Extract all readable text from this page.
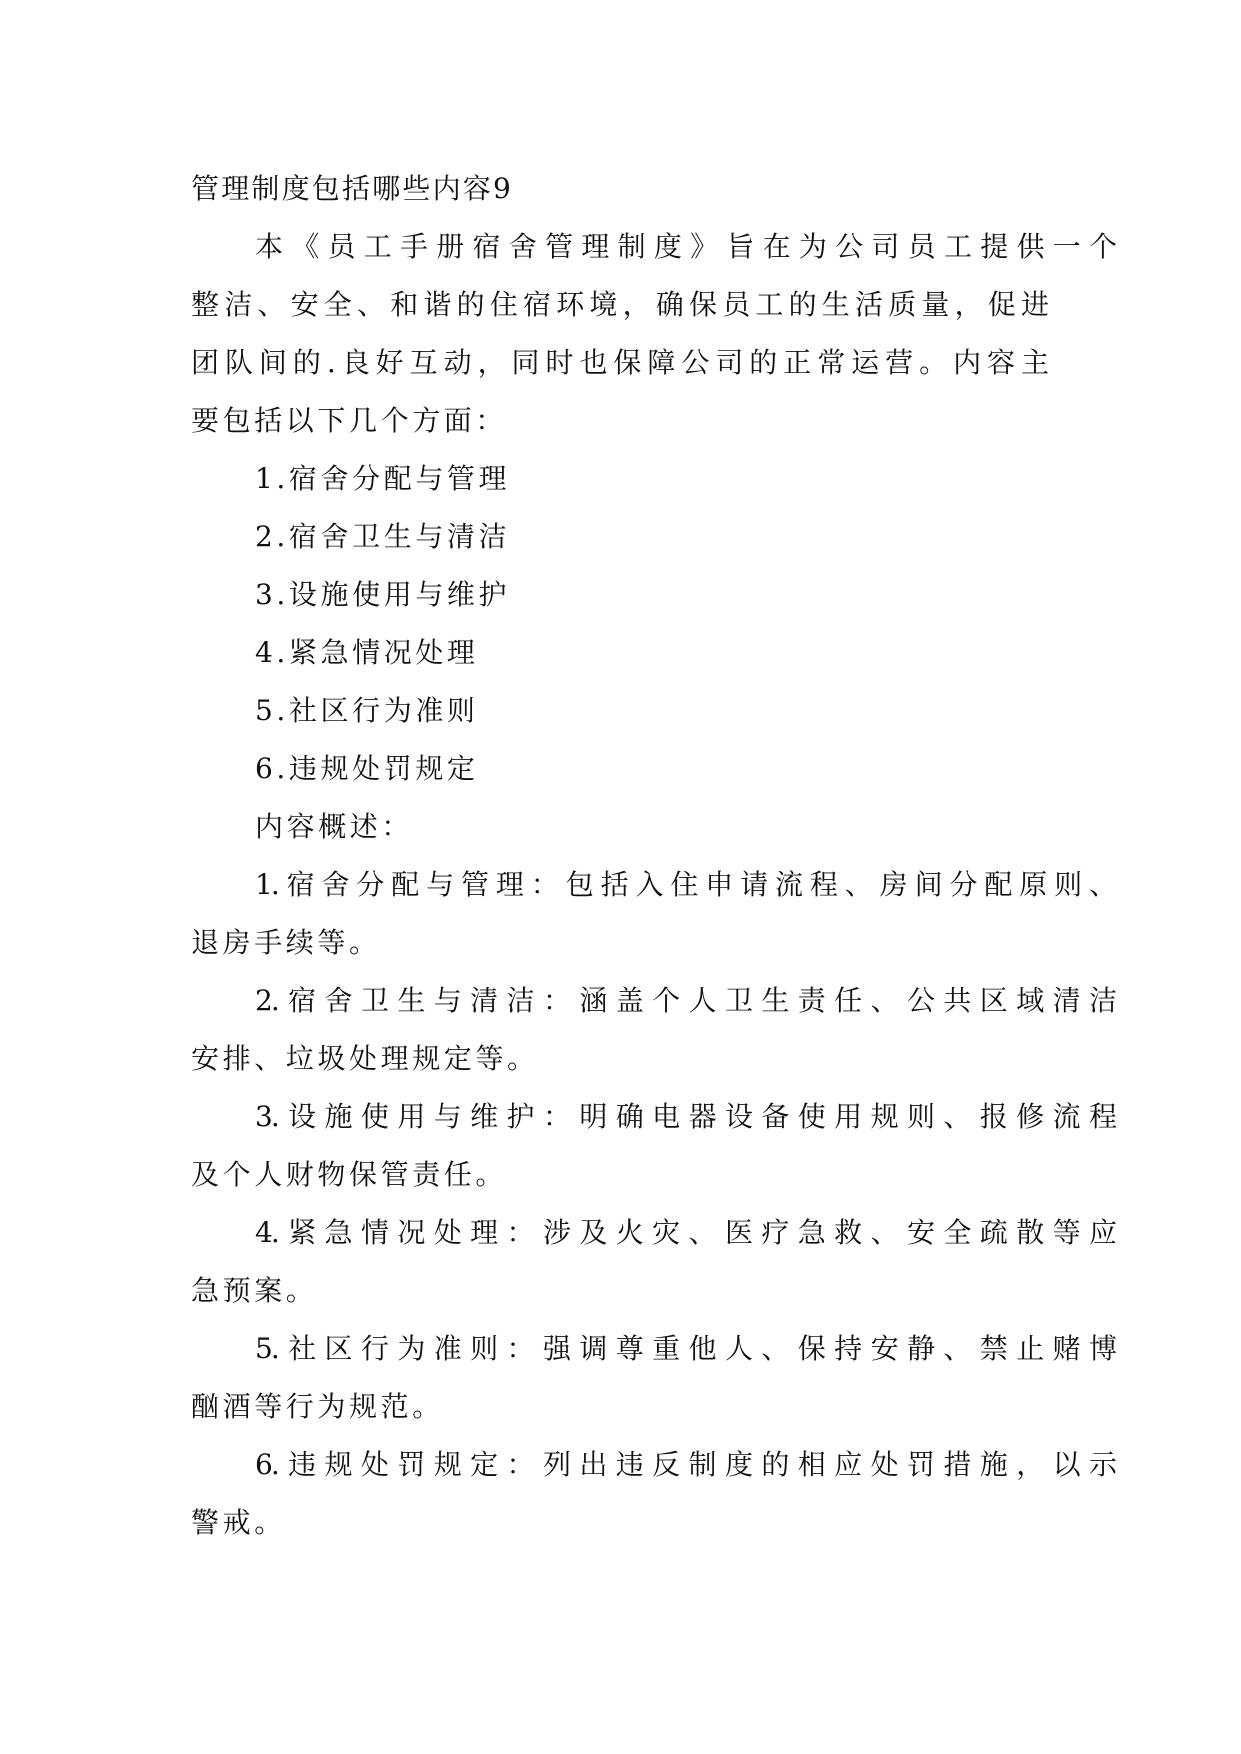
管理制度包括哪些内容9
本《员工手册宿舍管理制度》旨在为公司员工提供一个
整洁、安全、和谐的住宿环境，确保员工的生活质量，促进
团队间的.良好互动，同时也保障公司的正常运营。内容主
要包括以下几个方面：
1.宿舍分配与管理
2.宿舍卫生与清洁
3.设施使用与维护
4.紧急情况处理
5.社区行为准则
6.违规处罚规定
内容概述：
1.宿舍分配与管理：包括入住申请流程、房间分配原则、
退房手续等。
2.宿舍卫生与清洁：涵盖个人卫生责任、公共区域清洁
安排、垃圾处理规定等。
3.设施使用与维护：明确电器设备使用规则、报修流程
及个人财物保管责任。
4.紧急情况处理：涉及火灾、医疗急救、安全疏散等应
急预案。
5.社区行为准则：强调尊重他人、保持安静、禁止赌博
酗酒等行为规范。
6.违规处罚规定：列出违反制度的相应处罚措施，以示
警戒。
